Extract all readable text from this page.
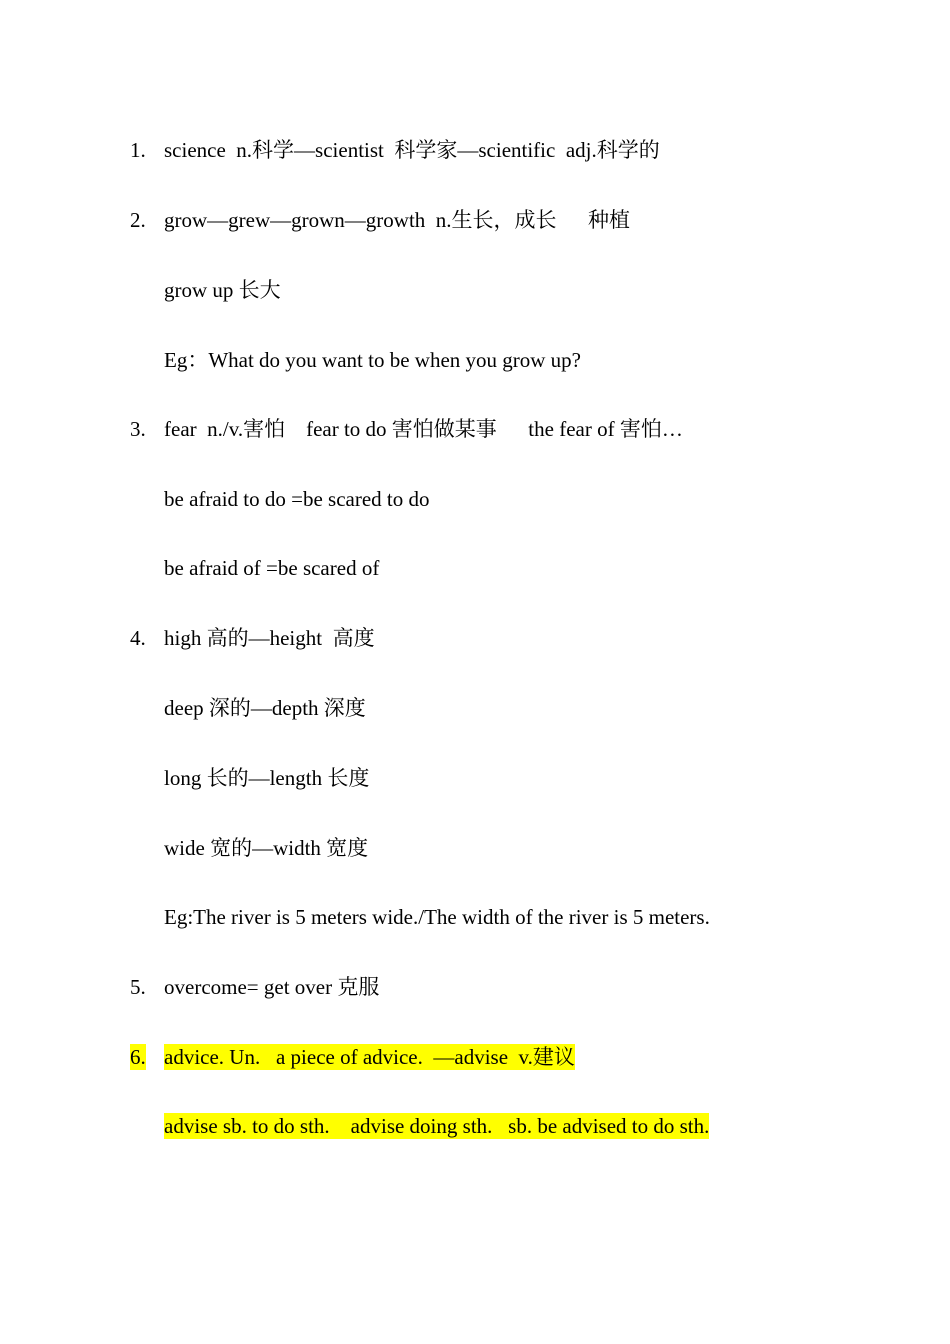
1.

science  n.科学—scientist  科学家—scientific  adj.科学的

2.

grow—grew—grown—growth  n.生长，成长      种植

grow up 长大

Eg：What do you want to be when you grow up?

3.

fear  n./v.害怕    fear to do 害怕做某事      the fear of 害怕…

be afraid to do =be scared to do

be afraid of =be scared of

4.

high 高的—height  高度

deep 深的—depth 深度

long 长的—length 长度

wide 宽的—width 宽度

Eg:The river is 5 meters wide./The width of the river is 5 meters.

5.

overcome= get over 克服

6.

advice. Un.   a piece of advice.  —advise  v.建议

advise sb. to do sth.    advise doing sth.   sb. be advised to do sth.
